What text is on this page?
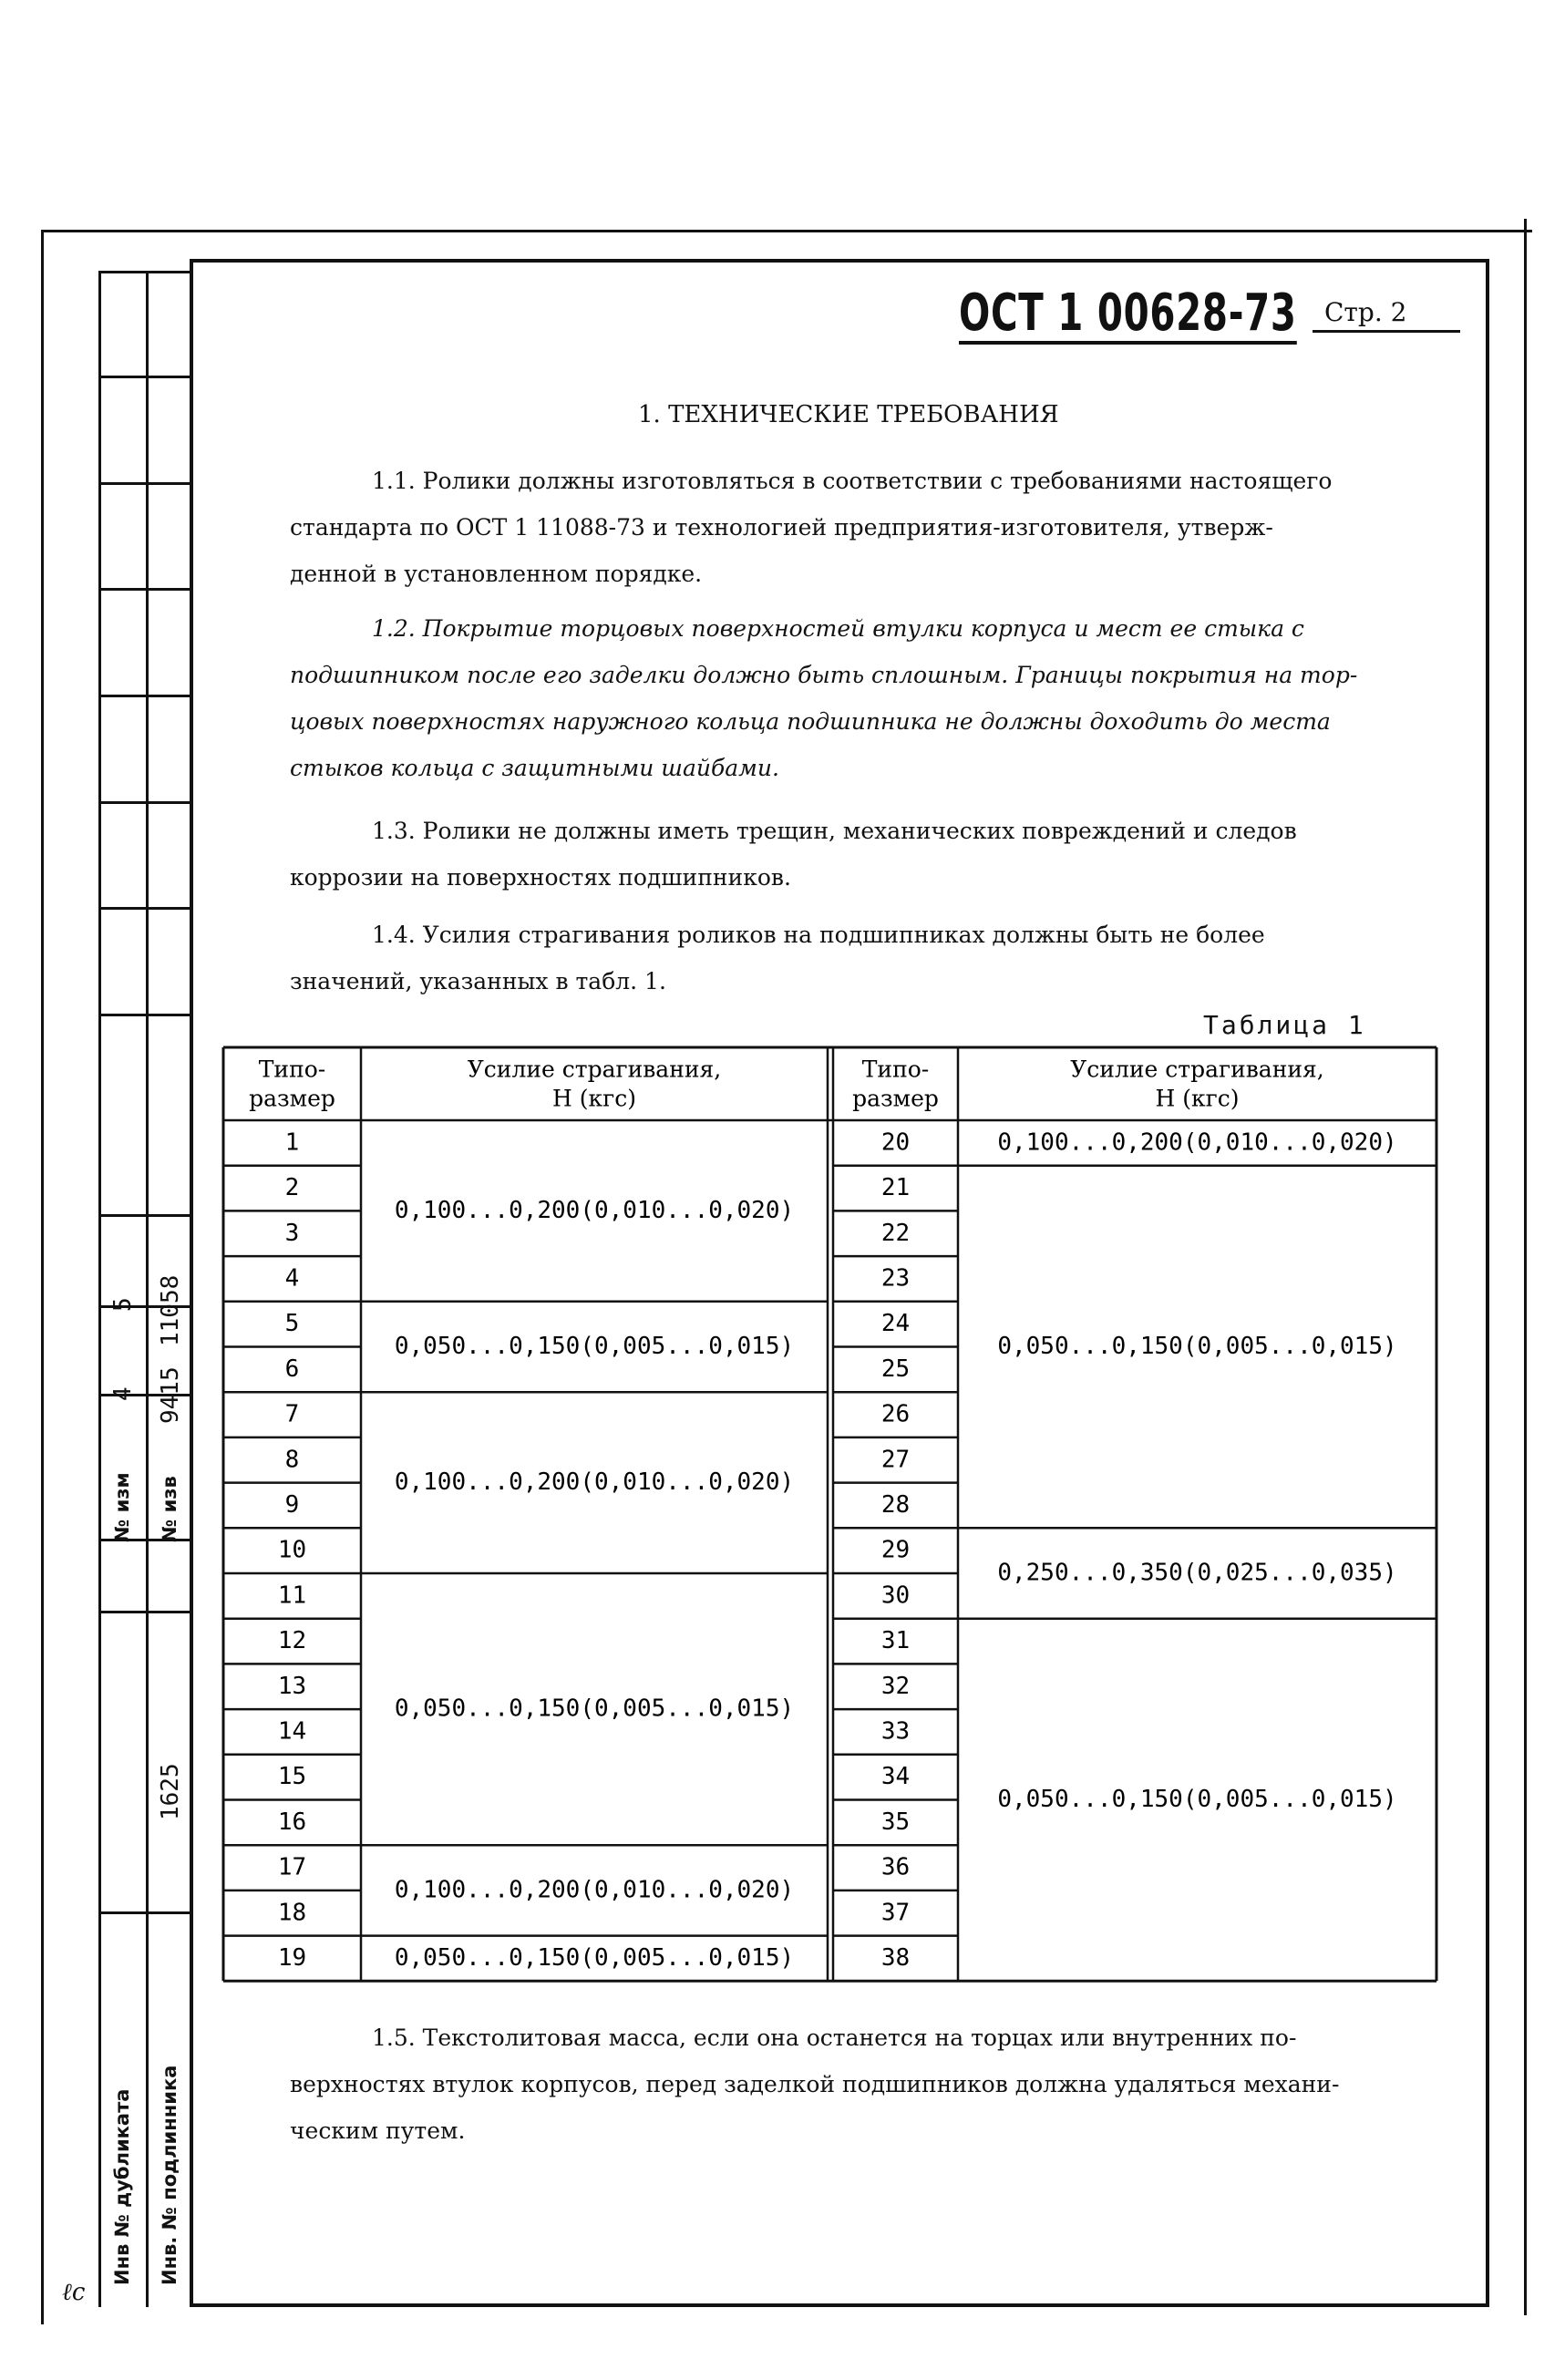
№ изм № изв
4 9415
5 11058
1625
Инв № дубликата Инв. № подлинника
ОСТ 1 00628-73 Стр. 2
1. ТЕХНИЧЕСКИЕ ТРЕБОВАНИЯ
1.1. Ролики должны изготовляться в соответствии с требованиями настоящего
стандарта по ОСТ 1 11088-73 и технологией предприятия-изготовителя, утверж-
денной в установленном порядке.
1.2. Покрытие торцовых поверхностей втулки корпуса и мест ее стыка с
подшипником после его заделки должно быть сплошным. Границы покрытия на тор-
цовых поверхностях наружного кольца подшипника не должны доходить до места
стыков кольца с защитными шайбами.
1.3. Ролики не должны иметь трещин, механических повреждений и следов
коррозии на поверхностях подшипников.
1.4. Усилия страгивания роликов на подшипниках должны быть не более
значений, указанных в табл. 1.
Таблица 1
Типо-
размер
Усилие страгивания,
Н (кгс)
Типо-
размер
Усилие страгивания,
Н (кгс)
1
2
3
4
5
6
7
8
9
10
11
12
13
14
15
16
17
18
19
0,100...0,200(0,010...0,020)
0,050...0,150(0,005...0,015)
0,100...0,200(0,010...0,020)
0,050...0,150(0,005...0,015)
0,100...0,200(0,010...0,020)
0,050...0,150(0,005...0,015)
20
21
22
23
24
25
26
27
28
29
30
31
32
33
34
35
36
37
38
0,100...0,200(0,010...0,020)
0,050...0,150(0,005...0,015)
0,250...0,350(0,025...0,035)
0,050...0,150(0,005...0,015)
1.5. Текстолитовая масса, если она останется на торцах или внутренних по-
верхностях втулок корпусов, перед заделкой подшипников должна удаляться механи-
ческим путем.
ℓc
